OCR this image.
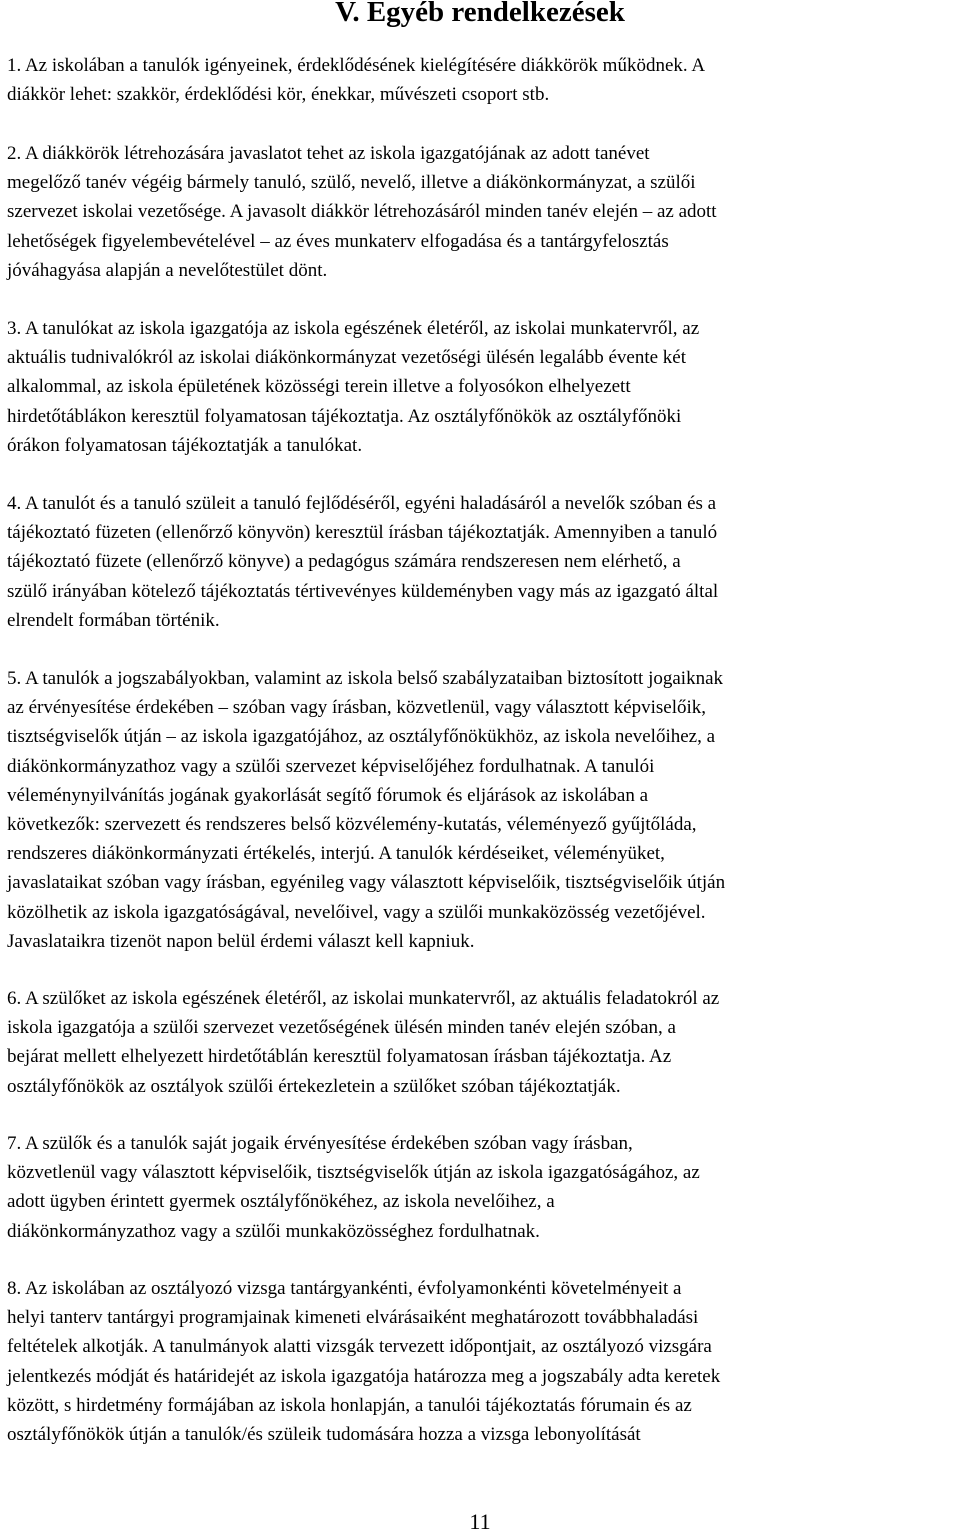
V. Egyéb rendelkezések
1. Az iskolában a tanulók igényeinek, érdeklődésének kielégítésére diákkörök működnek. A
diákkör lehet: szakkör, érdeklődési kör, énekkar, művészeti csoport stb.
2. A diákkörök létrehozására javaslatot tehet az iskola igazgatójának az adott tanévet
megelőző tanév végéig bármely tanuló, szülő, nevelő, illetve a diákönkormányzat, a szülői
szervezet iskolai vezetősége. A javasolt diákkör létrehozásáról minden tanév elején – az adott
lehetőségek figyelembevételével – az éves munkaterv elfogadása és a tantárgyfelosztás
jóváhagyása alapján a nevelőtestület dönt.
3. A tanulókat az iskola igazgatója az iskola egészének életéről, az iskolai munkatervről, az
aktuális tudnivalókról az iskolai diákönkormányzat vezetőségi ülésén legalább évente két
alkalommal, az iskola épületének közösségi terein illetve a folyosókon elhelyezett
hirdetőtáblákon keresztül folyamatosan tájékoztatja. Az osztályfőnökök az osztályfőnöki
órákon folyamatosan tájékoztatják a tanulókat.
4. A tanulót és a tanuló szüleit a tanuló fejlődéséről, egyéni haladásáról a nevelők szóban és a
tájékoztató füzeten (ellenőrző könyvön) keresztül írásban tájékoztatják. Amennyiben a tanuló
tájékoztató füzete (ellenőrző könyve) a pedagógus számára rendszeresen nem elérhető, a
szülő irányában kötelező tájékoztatás tértivevényes küldeményben vagy más az igazgató által
elrendelt formában történik.
5. A tanulók a jogszabályokban, valamint az iskola belső szabályzataiban biztosított jogaiknak
az érvényesítése érdekében – szóban vagy írásban, közvetlenül, vagy választott képviselőik,
tisztségviselők útján – az iskola igazgatójához, az osztályfőnökükhöz, az iskola nevelőihez, a
diákönkormányzathoz vagy a szülői szervezet képviselőjéhez fordulhatnak. A tanulói
véleménynyilvánítás jogának gyakorlását segítő fórumok és eljárások az iskolában a
következők: szervezett és rendszeres belső közvélemény-kutatás, véleményező gyűjtőláda,
rendszeres diákönkormányzati értékelés, interjú. A tanulók kérdéseiket, véleményüket,
javaslataikat szóban vagy írásban, egyénileg vagy választott képviselőik, tisztségviselőik útján
közölhetik az iskola igazgatóságával, nevelőivel, vagy a szülői munkaközösség vezetőjével.
Javaslataikra tizenöt napon belül érdemi választ kell kapniuk.
6. A szülőket az iskola egészének életéről, az iskolai munkatervről, az aktuális feladatokról az
iskola igazgatója a szülői szervezet vezetőségének ülésén minden tanév elején szóban, a
bejárat mellett elhelyezett hirdetőtáblán keresztül folyamatosan írásban tájékoztatja. Az
osztályfőnökök az osztályok szülői értekezletein a szülőket szóban tájékoztatják.
7. A szülők és a tanulók saját jogaik érvényesítése érdekében szóban vagy írásban,
közvetlenül vagy választott képviselőik, tisztségviselők útján az iskola igazgatóságához, az
adott ügyben érintett gyermek osztályfőnökéhez, az iskola nevelőihez, a
diákönkormányzathoz vagy a szülői munkaközösséghez fordulhatnak.
8. Az iskolában az osztályozó vizsga tantárgyankénti, évfolyamonkénti követelményeit a
helyi tanterv tantárgyi programjainak kimeneti elvárásaiként meghatározott továbbhaladási
feltételek alkotják. A tanulmányok alatti vizsgák tervezett időpontjait, az osztályozó vizsgára
jelentkezés módját és határidejét az iskola igazgatója határozza meg a jogszabály adta keretek
között, s hirdetmény formájában az iskola honlapján, a tanulói tájékoztatás fórumain és az
osztályfőnökök útján a tanulók/és szüleik tudomására hozza a vizsga lebonyolítását
11
